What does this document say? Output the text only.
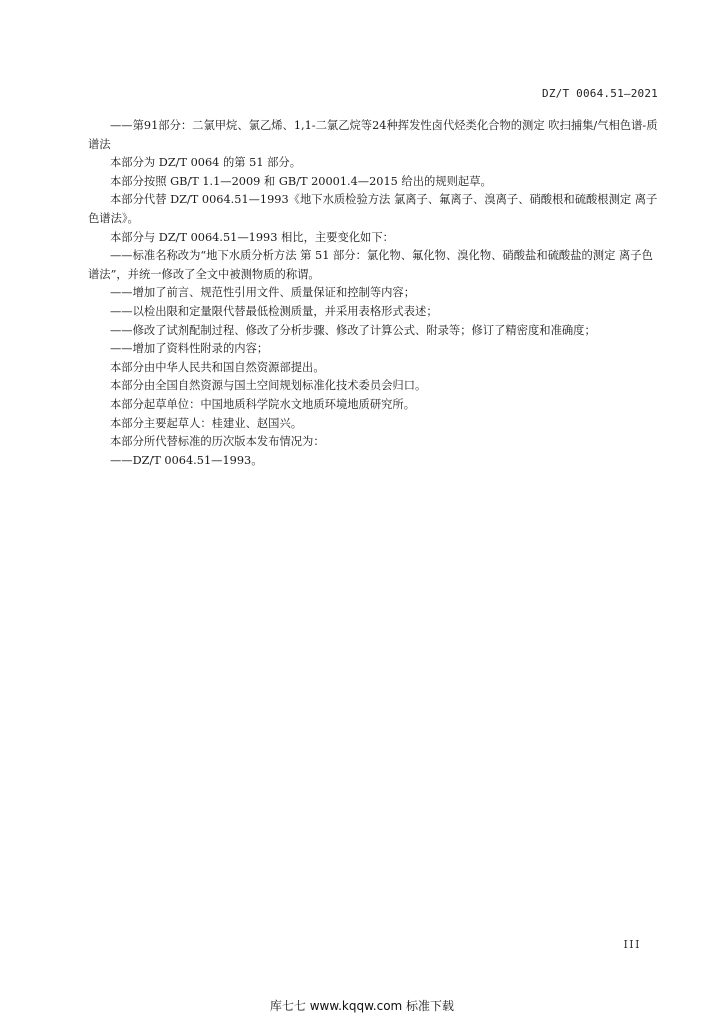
DZ/T 0064.51—2021

——第91部分：二氯甲烷、氯乙烯、1,1-二氯乙烷等24种挥发性卤代烃类化合物的测定 吹扫捕集/气相色谱-质谱法

本部分为 DZ/T 0064 的第 51 部分。

本部分按照 GB/T 1.1—2009 和 GB/T 20001.4—2015 给出的规则起草。

本部分代替 DZ/T 0064.51—1993《地下水质检验方法 氯离子、氟离子、溴离子、硝酸根和硫酸根测定 离子色谱法》。

本部分与 DZ/T 0064.51—1993 相比，主要变化如下：

——标准名称改为“地下水质分析方法 第 51 部分：氯化物、氟化物、溴化物、硝酸盐和硫酸盐的测定 离子色谱法”，并统一修改了全文中被测物质的称谓。

——增加了前言、规范性引用文件、质量保证和控制等内容；

——以检出限和定量限代替最低检测质量，并采用表格形式表述；

——修改了试剂配制过程、修改了分析步骤、修改了计算公式、附录等；修订了精密度和准确度；

——增加了资料性附录的内容；

本部分由中华人民共和国自然资源部提出。

本部分由全国自然资源与国土空间规划标准化技术委员会归口。

本部分起草单位：中国地质科学院水文地质环境地质研究所。

本部分主要起草人：桂建业、赵国兴。

本部分所代替标准的历次版本发布情况为：

——DZ/T 0064.51—1993。

III
库七七 www.kqqw.com 标准下载
